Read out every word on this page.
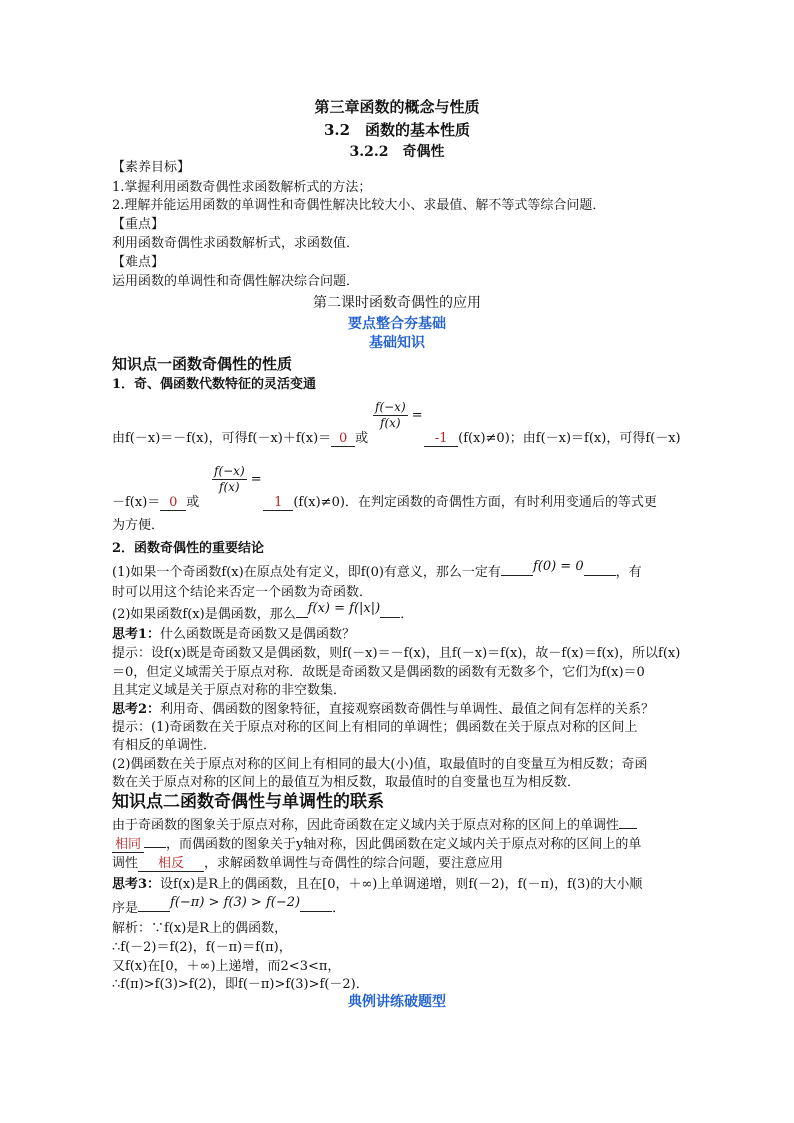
第三章函数的概念与性质
3.2　函数的基本性质
3.2.2　奇偶性
【素养目标】
1.掌握利用函数奇偶性求函数解析式的方法；
2.理解并能运用函数的单调性和奇偶性解决比较大小、求最值、解不等式等综合问题．
【重点】
利用函数奇偶性求函数解析式，求函数值．
【难点】
运用函数的单调性和奇偶性解决综合问题．
第二课时函数奇偶性的应用
要点整合夯基础
基础知识
知识点一函数奇偶性的性质
1．奇、偶函数代数特征的灵活变通
$\frac{f(-x)}{f(x)}$ =
由f(－x)＝－f(x)，可得f(－x)＋f(x)＝ 0 或	-1 (f(x)≠0)；由f(－x)＝f(x)，可得f(－x)
$\frac{f(-x)}{f(x)}$ =
－f(x)＝ 0 或	1 (f(x)≠0)．在判定函数的奇偶性方面，有时利用变通后的等式更
为方便．
2．函数奇偶性的重要结论
(1)如果一个奇函数f(x)在原点处有定义，即f(0)有意义，那么一定有 f(0) = 0 ，有
时可以用这个结论来否定一个函数为奇函数．
(2)如果函数f(x)是偶函数，那么 f(x) = f(|x|) ．
思考1：什么函数既是奇函数又是偶函数？
提示：设f(x)既是奇函数又是偶函数，则f(－x)＝－f(x)，且f(－x)＝f(x)，故－f(x)＝f(x)，所以f(x)
＝0，但定义域需关于原点对称．故既是奇函数又是偶函数的函数有无数多个，它们为f(x)＝0
且其定义域是关于原点对称的非空数集．
思考2：利用奇、偶函数的图象特征，直接观察函数奇偶性与单调性、最值之间有怎样的关系？
提示：(1)奇函数在关于原点对称的区间上有相同的单调性；偶函数在关于原点对称的区间上
有相反的单调性．
(2)偶函数在关于原点对称的区间上有相同的最大(小)值，取最值时的自变量互为相反数；奇函
数在关于原点对称的区间上的最值互为相反数，取最值时的自变量也互为相反数．
知识点二函数奇偶性与单调性的联系
由于奇函数的图象关于原点对称，因此奇函数在定义域内关于原点对称的区间上的单调性
相同 ，而偶函数的图象关于y轴对称，因此偶函数在定义域内关于原点对称的区间上的单
调性 相反 ，求解函数单调性与奇偶性的综合问题，要注意应用
思考3：设f(x)是R上的偶函数，且在[0，＋∞)上单调递增，则f(－2)，f(－π)，f(3)的大小顺
序是 f(−π) > f(3) > f(−2) ．
解析：∵f(x)是R上的偶函数，
∴f(－2)＝f(2)，f(－π)＝f(π)，
又f(x)在[0，＋∞)上递增，而2<3<π，
∴f(π)>f(3)>f(2)，即f(－π)>f(3)>f(－2)．
典例讲练破题型
